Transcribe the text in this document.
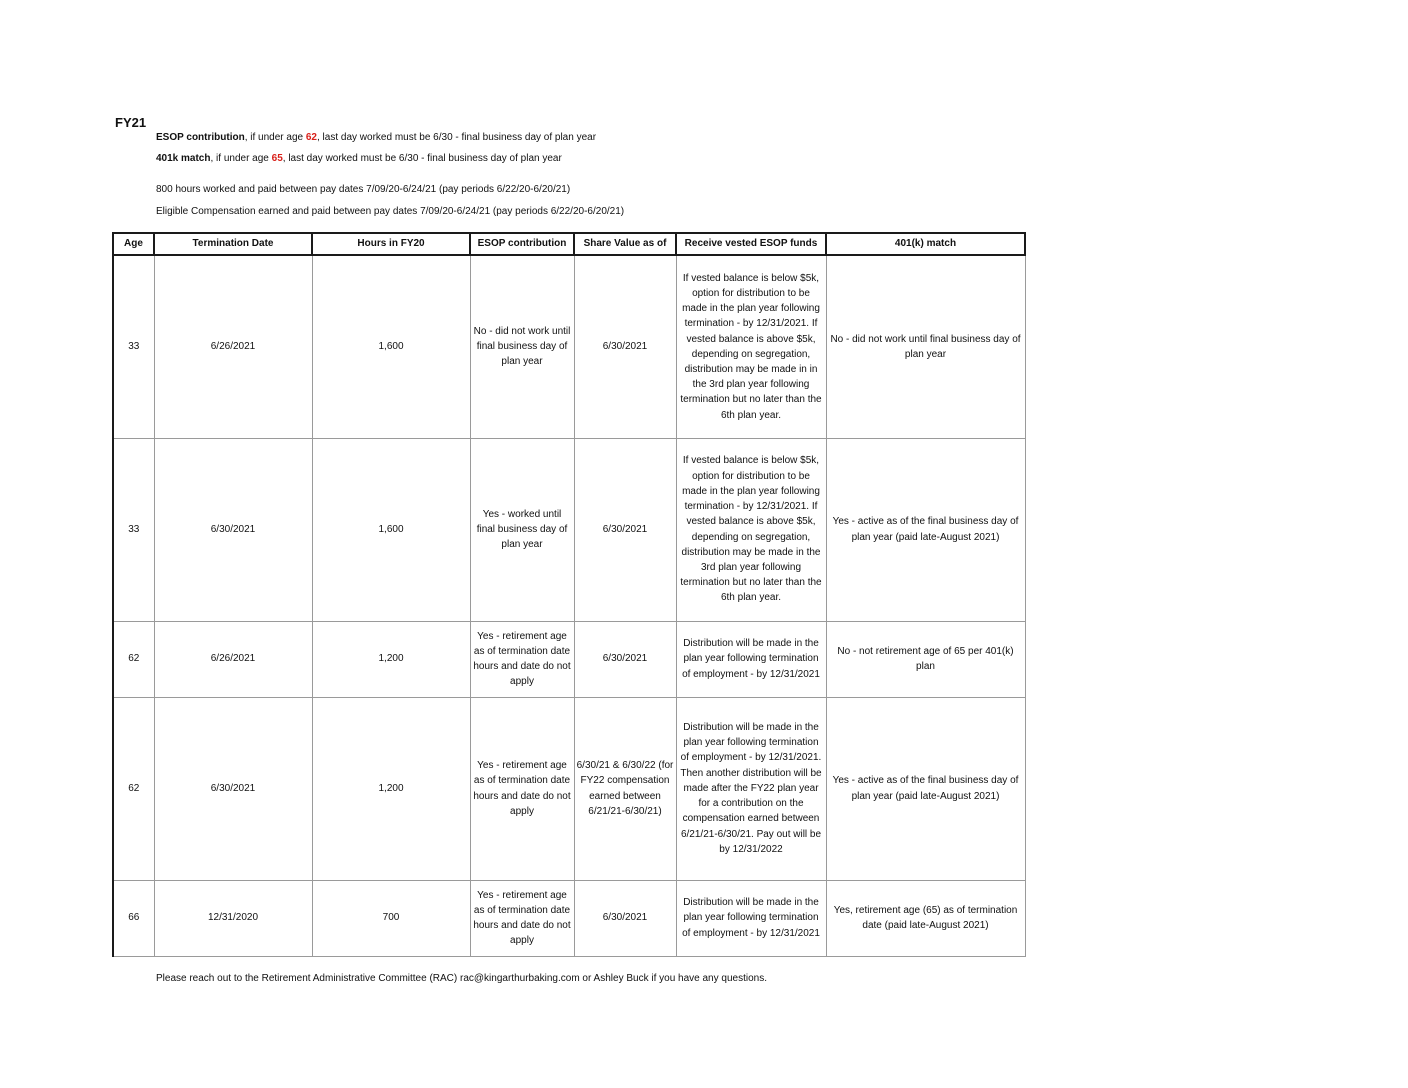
FY21
ESOP contribution, if under age 62, last day worked must be 6/30 - final business day of plan year
401k match, if under age 65, last day worked must be 6/30 - final business day of plan year
800 hours worked and paid between pay dates 7/09/20-6/24/21 (pay periods 6/22/20-6/20/21)
Eligible Compensation earned and paid between pay dates 7/09/20-6/24/21 (pay periods 6/22/20-6/20/21)
Age	Termination Date	Hours in FY20	ESOP contribution	Share Value as of	Receive vested ESOP funds	401(k) match
33	6/26/2021	1,600	No - did not work until final business day of plan year	6/30/2021	If vested balance is below $5k, option for distribution to be made in the plan year following termination - by 12/31/2021. If vested balance is above $5k, depending on segregation, distribution may be made in in the 3rd plan year following termination but no later than the 6th plan year.	No - did not work until final business day of plan year
33	6/30/2021	1,600	Yes - worked until final business day of plan year	6/30/2021	If vested balance is below $5k, option for distribution to be made in the plan year following termination - by 12/31/2021. If vested balance is above $5k, depending on segregation, distribution may be made in the 3rd plan year following termination but no later than the 6th plan year.	Yes - active as of the final business day of plan year (paid late-August 2021)
62	6/26/2021	1,200	Yes - retirement age as of termination date hours and date do not apply	6/30/2021	Distribution will be made in the plan year following termination of employment - by 12/31/2021	No - not retirement age of 65 per 401(k) plan
62	6/30/2021	1,200	Yes - retirement age as of termination date hours and date do not apply	6/30/21 & 6/30/22 (for FY22 compensation earned between 6/21/21-6/30/21)	Distribution will be made in the plan year following termination of employment - by 12/31/2021. Then another distribution will be made after the FY22 plan year for a contribution on the compensation earned between 6/21/21-6/30/21. Pay out will be by 12/31/2022	Yes - active as of the final business day of plan year (paid late-August 2021)
66	12/31/2020	700	Yes - retirement age as of termination date hours and date do not apply	6/30/2021	Distribution will be made in the plan year following termination of employment - by 12/31/2021	Yes, retirement age (65) as of termination date (paid late-August 2021)
Please reach out to the Retirement Administrative Committee (RAC) rac@kingarthurbaking.com or Ashley Buck if you have any questions.
